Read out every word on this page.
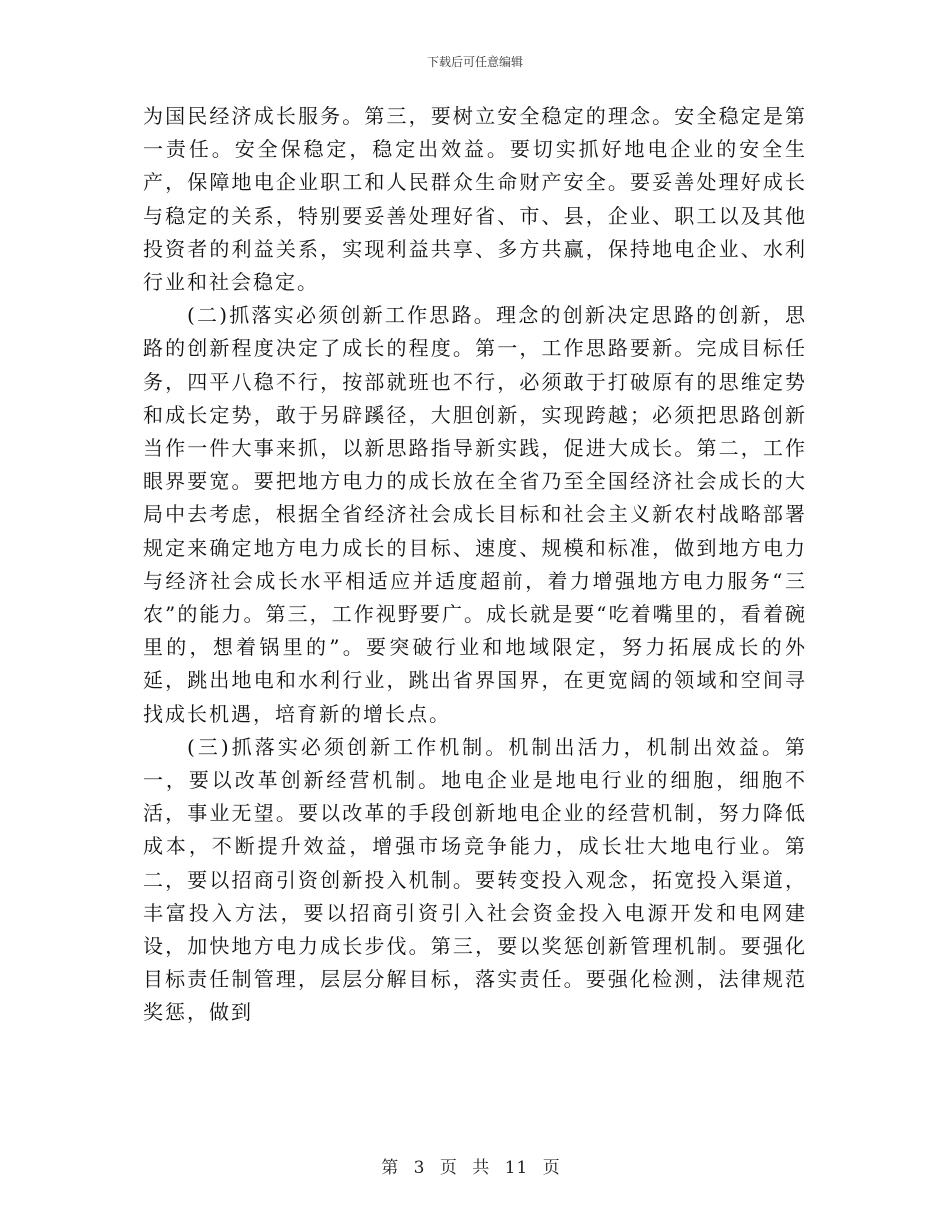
下载后可任意编辑

为国民经济成长服务。第三，要树立安全稳定的理念。安全稳定是第一责任。安全保稳定，稳定出效益。要切实抓好地电企业的安全生产，保障地电企业职工和人民群众生命财产安全。要妥善处理好成长与稳定的关系，特别要妥善处理好省、市、县，企业、职工以及其他投资者的利益关系，实现利益共享、多方共赢，保持地电企业、水利行业和社会稳定。

(二)抓落实必须创新工作思路。理念的创新决定思路的创新，思路的创新程度决定了成长的程度。第一，工作思路要新。完成目标任务，四平八稳不行，按部就班也不行，必须敢于打破原有的思维定势和成长定势，敢于另辟蹊径，大胆创新，实现跨越；必须把思路创新当作一件大事来抓，以新思路指导新实践，促进大成长。第二，工作眼界要宽。要把地方电力的成长放在全省乃至全国经济社会成长的大局中去考虑，根据全省经济社会成长目标和社会主义新农村战略部署规定来确定地方电力成长的目标、速度、规模和标准，做到地方电力与经济社会成长水平相适应并适度超前，着力增强地方电力服务“三农”的能力。第三，工作视野要广。成长就是要“吃着嘴里的，看着碗里的，想着锅里的”。要突破行业和地域限定，努力拓展成长的外延，跳出地电和水利行业，跳出省界国界，在更宽阔的领域和空间寻找成长机遇，培育新的增长点。

(三)抓落实必须创新工作机制。机制出活力，机制出效益。第一，要以改革创新经营机制。地电企业是地电行业的细胞，细胞不活，事业无望。要以改革的手段创新地电企业的经营机制，努力降低成本，不断提升效益，增强市场竞争能力，成长壮大地电行业。第二，要以招商引资创新投入机制。要转变投入观念，拓宽投入渠道，丰富投入方法，要以招商引资引入社会资金投入电源开发和电网建设，加快地方电力成长步伐。第三，要以奖惩创新管理机制。要强化目标责任制管理，层层分解目标，落实责任。要强化检测，法律规范奖惩，做到

第 3 页 共 11 页
